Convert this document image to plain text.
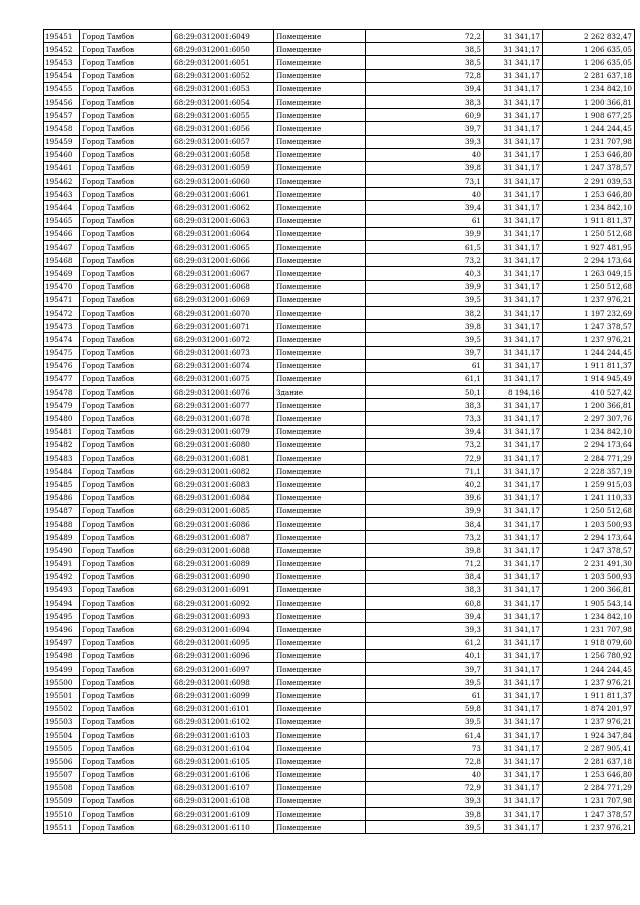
195451	Город Тамбов	68:29:0312001:6049	Помещение	72,2	31 341,17	2 262 832,47
195452	Город Тамбов	68:29:0312001:6050	Помещение	38,5	31 341,17	1 206 635,05
195453	Город Тамбов	68:29:0312001:6051	Помещение	38,5	31 341,17	1 206 635,05
195454	Город Тамбов	68:29:0312001:6052	Помещение	72,8	31 341,17	2 281 637,18
195455	Город Тамбов	68:29:0312001:6053	Помещение	39,4	31 341,17	1 234 842,10
195456	Город Тамбов	68:29:0312001:6054	Помещение	38,3	31 341,17	1 200 366,81
195457	Город Тамбов	68:29:0312001:6055	Помещение	60,9	31 341,17	1 908 677,25
195458	Город Тамбов	68:29:0312001:6056	Помещение	39,7	31 341,17	1 244 244,45
195459	Город Тамбов	68:29:0312001:6057	Помещение	39,3	31 341,17	1 231 707,98
195460	Город Тамбов	68:29:0312001:6058	Помещение	40	31 341,17	1 253 646,80
195461	Город Тамбов	68:29:0312001:6059	Помещение	39,8	31 341,17	1 247 378,57
195462	Город Тамбов	68:29:0312001:6060	Помещение	73,1	31 341,17	2 291 039,53
195463	Город Тамбов	68:29:0312001:6061	Помещение	40	31 341,17	1 253 646,80
195464	Город Тамбов	68:29:0312001:6062	Помещение	39,4	31 341,17	1 234 842,10
195465	Город Тамбов	68:29:0312001:6063	Помещение	61	31 341,17	1 911 811,37
195466	Город Тамбов	68:29:0312001:6064	Помещение	39,9	31 341,17	1 250 512,68
195467	Город Тамбов	68:29:0312001:6065	Помещение	61,5	31 341,17	1 927 481,95
195468	Город Тамбов	68:29:0312001:6066	Помещение	73,2	31 341,17	2 294 173,64
195469	Город Тамбов	68:29:0312001:6067	Помещение	40,3	31 341,17	1 263 049,15
195470	Город Тамбов	68:29:0312001:6068	Помещение	39,9	31 341,17	1 250 512,68
195471	Город Тамбов	68:29:0312001:6069	Помещение	39,5	31 341,17	1 237 976,21
195472	Город Тамбов	68:29:0312001:6070	Помещение	38,2	31 341,17	1 197 232,69
195473	Город Тамбов	68:29:0312001:6071	Помещение	39,8	31 341,17	1 247 378,57
195474	Город Тамбов	68:29:0312001:6072	Помещение	39,5	31 341,17	1 237 976,21
195475	Город Тамбов	68:29:0312001:6073	Помещение	39,7	31 341,17	1 244 244,45
195476	Город Тамбов	68:29:0312001:6074	Помещение	61	31 341,17	1 911 811,37
195477	Город Тамбов	68:29:0312001:6075	Помещение	61,1	31 341,17	1 914 945,49
195478	Город Тамбов	68:29:0312001:6076	Здание	50,1	8 194,16	410 527,42
195479	Город Тамбов	68:29:0312001:6077	Помещение	38,3	31 341,17	1 200 366,81
195480	Город Тамбов	68:29:0312001:6078	Помещение	73,3	31 341,17	2 297 307,76
195481	Город Тамбов	68:29:0312001:6079	Помещение	39,4	31 341,17	1 234 842,10
195482	Город Тамбов	68:29:0312001:6080	Помещение	73,2	31 341,17	2 294 173,64
195483	Город Тамбов	68:29:0312001:6081	Помещение	72,9	31 341,17	2 284 771,29
195484	Город Тамбов	68:29:0312001:6082	Помещение	71,1	31 341,17	2 228 357,19
195485	Город Тамбов	68:29:0312001:6083	Помещение	40,2	31 341,17	1 259 915,03
195486	Город Тамбов	68:29:0312001:6084	Помещение	39,6	31 341,17	1 241 110,33
195487	Город Тамбов	68:29:0312001:6085	Помещение	39,9	31 341,17	1 250 512,68
195488	Город Тамбов	68:29:0312001:6086	Помещение	38,4	31 341,17	1 203 500,93
195489	Город Тамбов	68:29:0312001:6087	Помещение	73,2	31 341,17	2 294 173,64
195490	Город Тамбов	68:29:0312001:6088	Помещение	39,8	31 341,17	1 247 378,57
195491	Город Тамбов	68:29:0312001:6089	Помещение	71,2	31 341,17	2 231 491,30
195492	Город Тамбов	68:29:0312001:6090	Помещение	38,4	31 341,17	1 203 500,93
195493	Город Тамбов	68:29:0312001:6091	Помещение	38,3	31 341,17	1 200 366,81
195494	Город Тамбов	68:29:0312001:6092	Помещение	60,8	31 341,17	1 905 543,14
195495	Город Тамбов	68:29:0312001:6093	Помещение	39,4	31 341,17	1 234 842,10
195496	Город Тамбов	68:29:0312001:6094	Помещение	39,3	31 341,17	1 231 707,98
195497	Город Тамбов	68:29:0312001:6095	Помещение	61,2	31 341,17	1 918 079,60
195498	Город Тамбов	68:29:0312001:6096	Помещение	40,1	31 341,17	1 256 780,92
195499	Город Тамбов	68:29:0312001:6097	Помещение	39,7	31 341,17	1 244 244,45
195500	Город Тамбов	68:29:0312001:6098	Помещение	39,5	31 341,17	1 237 976,21
195501	Город Тамбов	68:29:0312001:6099	Помещение	61	31 341,17	1 911 811,37
195502	Город Тамбов	68:29:0312001:6101	Помещение	59,8	31 341,17	1 874 201,97
195503	Город Тамбов	68:29:0312001:6102	Помещение	39,5	31 341,17	1 237 976,21
195504	Город Тамбов	68:29:0312001:6103	Помещение	61,4	31 341,17	1 924 347,84
195505	Город Тамбов	68:29:0312001:6104	Помещение	73	31 341,17	2 287 905,41
195506	Город Тамбов	68:29:0312001:6105	Помещение	72,8	31 341,17	2 281 637,18
195507	Город Тамбов	68:29:0312001:6106	Помещение	40	31 341,17	1 253 646,80
195508	Город Тамбов	68:29:0312001:6107	Помещение	72,9	31 341,17	2 284 771,29
195509	Город Тамбов	68:29:0312001:6108	Помещение	39,3	31 341,17	1 231 707,98
195510	Город Тамбов	68:29:0312001:6109	Помещение	39,8	31 341,17	1 247 378,57
195511	Город Тамбов	68:29:0312001:6110	Помещение	39,5	31 341,17	1 237 976,21
